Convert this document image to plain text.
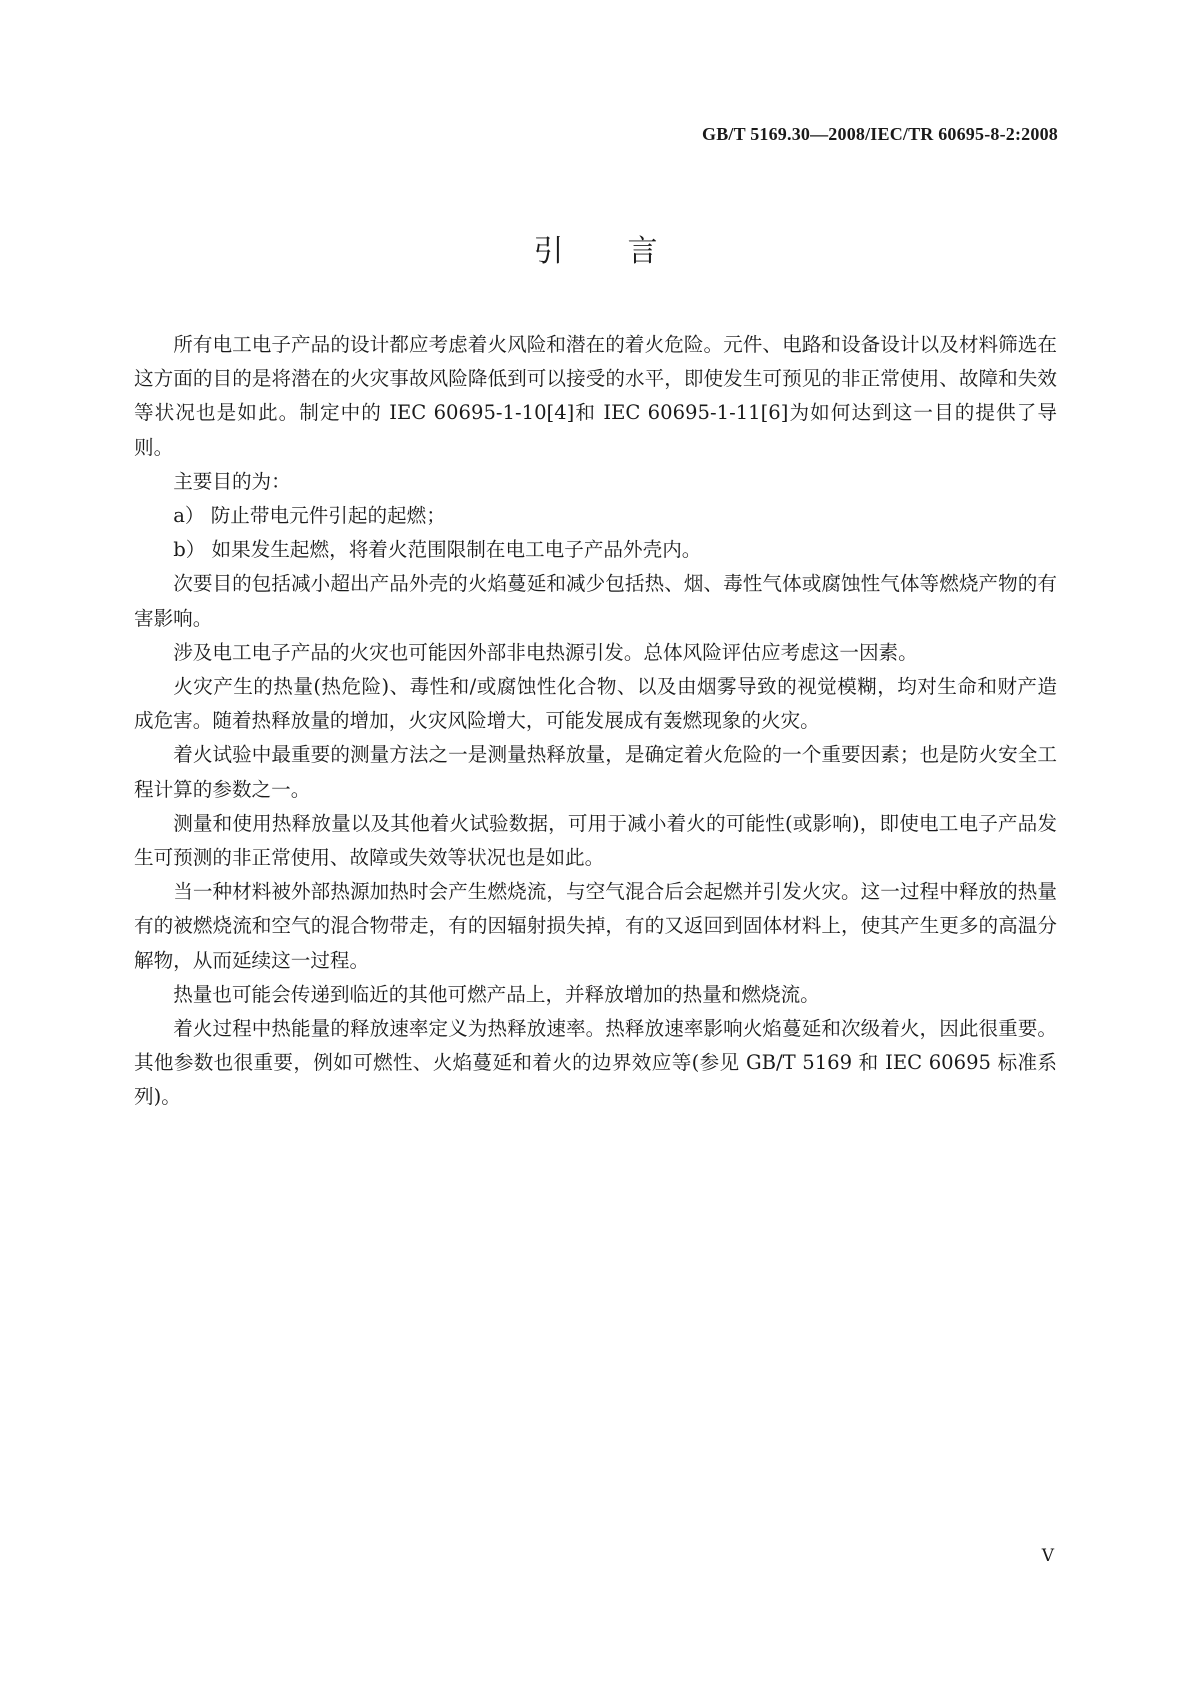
GB/T 5169.30—2008/IEC/TR 60695-8-2:2008
引言

所有电工电子产品的设计都应考虑着火风险和潜在的着火危险。元件、电路和设备设计以及材料筛选在这方面的目的是将潜在的火灾事故风险降低到可以接受的水平，即使发生可预见的非正常使用、故障和失效等状况也是如此。制定中的 IEC 60695-1-10[4]和 IEC 60695-1-11[6]为如何达到这一目的提供了导则。

主要目的为：

a） 防止带电元件引起的起燃；

b） 如果发生起燃，将着火范围限制在电工电子产品外壳内。

次要目的包括减小超出产品外壳的火焰蔓延和减少包括热、烟、毒性气体或腐蚀性气体等燃烧产物的有害影响。

涉及电工电子产品的火灾也可能因外部非电热源引发。总体风险评估应考虑这一因素。

火灾产生的热量(热危险)、毒性和/或腐蚀性化合物、以及由烟雾导致的视觉模糊，均对生命和财产造成危害。随着热释放量的增加，火灾风险增大，可能发展成有轰燃现象的火灾。

着火试验中最重要的测量方法之一是测量热释放量，是确定着火危险的一个重要因素；也是防火安全工程计算的参数之一。

测量和使用热释放量以及其他着火试验数据，可用于减小着火的可能性(或影响)，即使电工电子产品发生可预测的非正常使用、故障或失效等状况也是如此。

当一种材料被外部热源加热时会产生燃烧流，与空气混合后会起燃并引发火灾。这一过程中释放的热量有的被燃烧流和空气的混合物带走，有的因辐射损失掉，有的又返回到固体材料上，使其产生更多的高温分解物，从而延续这一过程。

热量也可能会传递到临近的其他可燃产品上，并释放增加的热量和燃烧流。

着火过程中热能量的释放速率定义为热释放速率。热释放速率影响火焰蔓延和次级着火，因此很重要。其他参数也很重要，例如可燃性、火焰蔓延和着火的边界效应等(参见 GB/T 5169 和 IEC 60695 标准系列)。

Ⅴ
